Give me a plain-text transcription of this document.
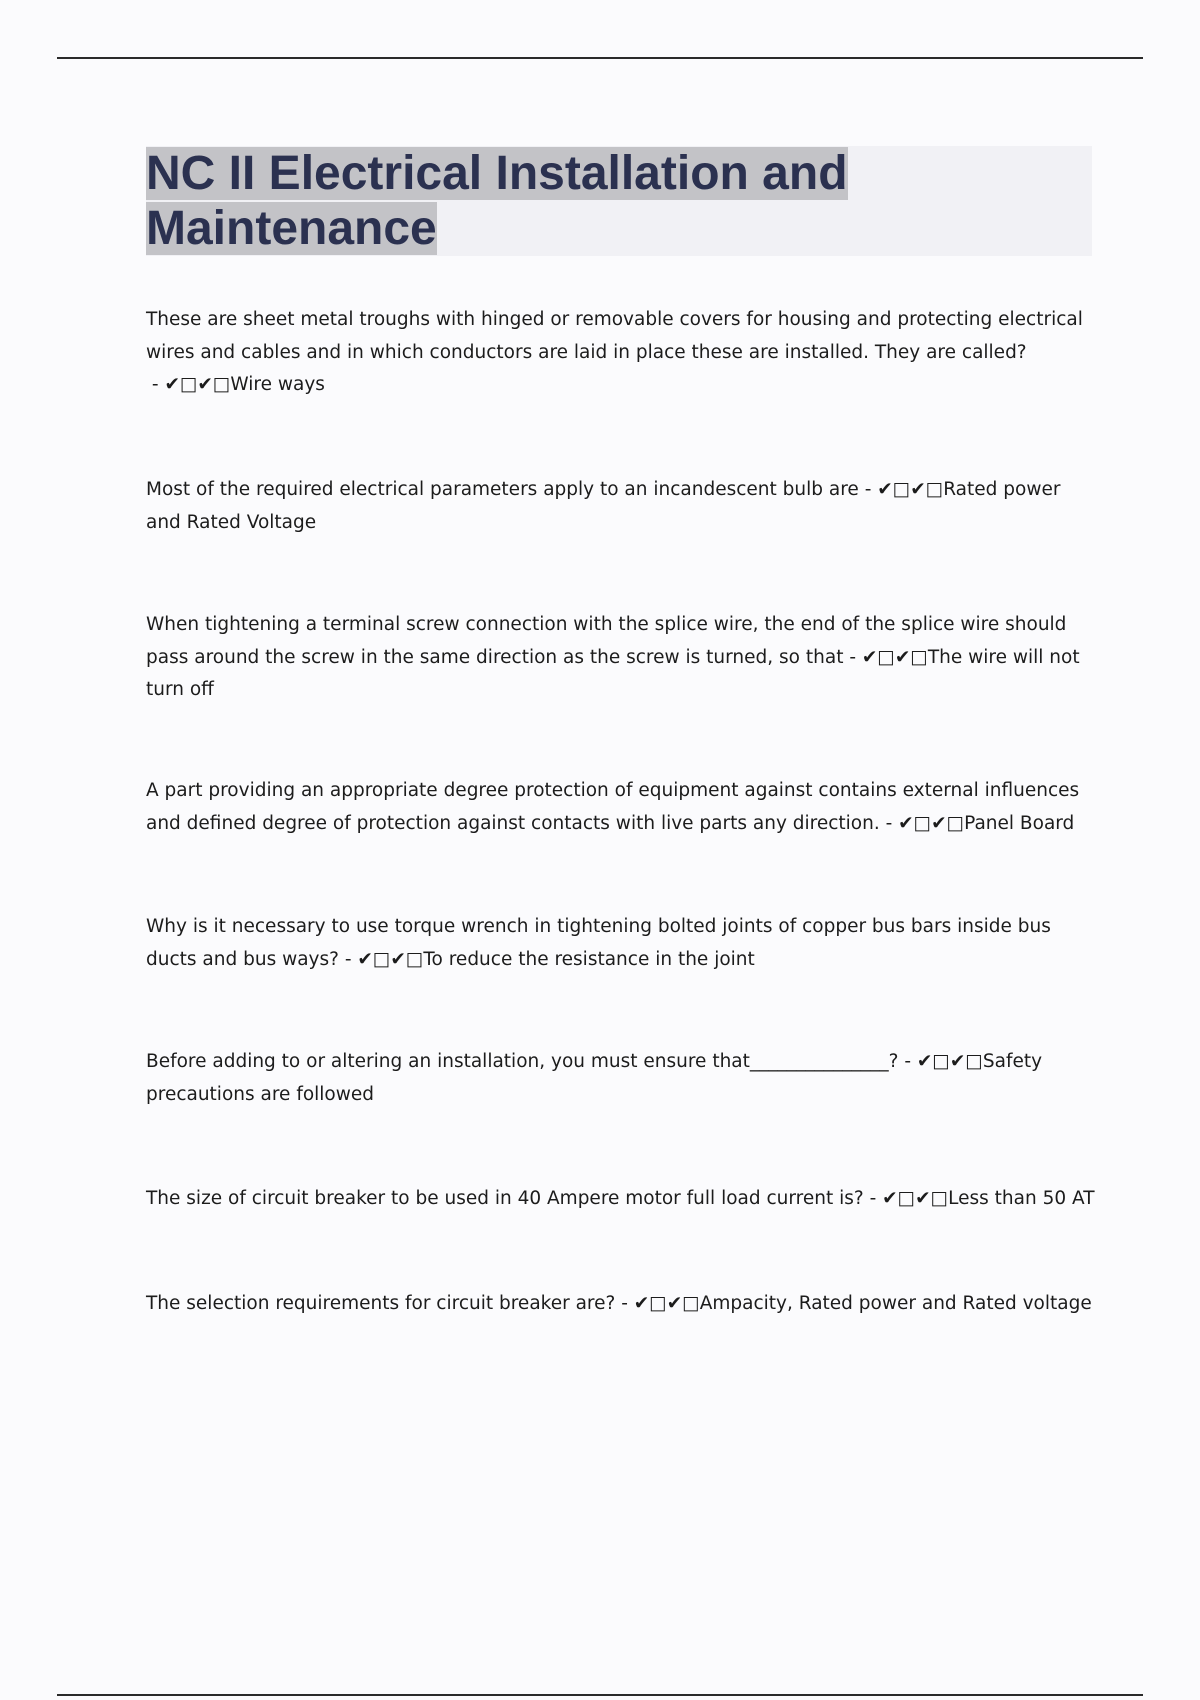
NC II Electrical Installation and
Maintenance

These are sheet metal troughs with hinged or removable covers for housing and protecting electrical wires and cables and in which conductors are laid in place these are installed. They are called? - ✔□✔□Wire ways

Most of the required electrical parameters apply to an incandescent bulb are - ✔□✔□Rated power and Rated Voltage

When tightening a terminal screw connection with the splice wire, the end of the splice wire should pass around the screw in the same direction as the screw is turned, so that - ✔□✔□The wire will not turn off

A part providing an appropriate degree protection of equipment against contains external influences and defined degree of protection against contacts with live parts any direction. - ✔□✔□Panel Board

Why is it necessary to use torque wrench in tightening bolted joints of copper bus bars inside bus ducts and bus ways? - ✔□✔□To reduce the resistance in the joint

Before adding to or altering an installation, you must ensure that_______________? - ✔□✔□Safety precautions are followed

The size of circuit breaker to be used in 40 Ampere motor full load current is? - ✔□✔□Less than 50 AT

The selection requirements for circuit breaker are? - ✔□✔□Ampacity, Rated power and Rated voltage
